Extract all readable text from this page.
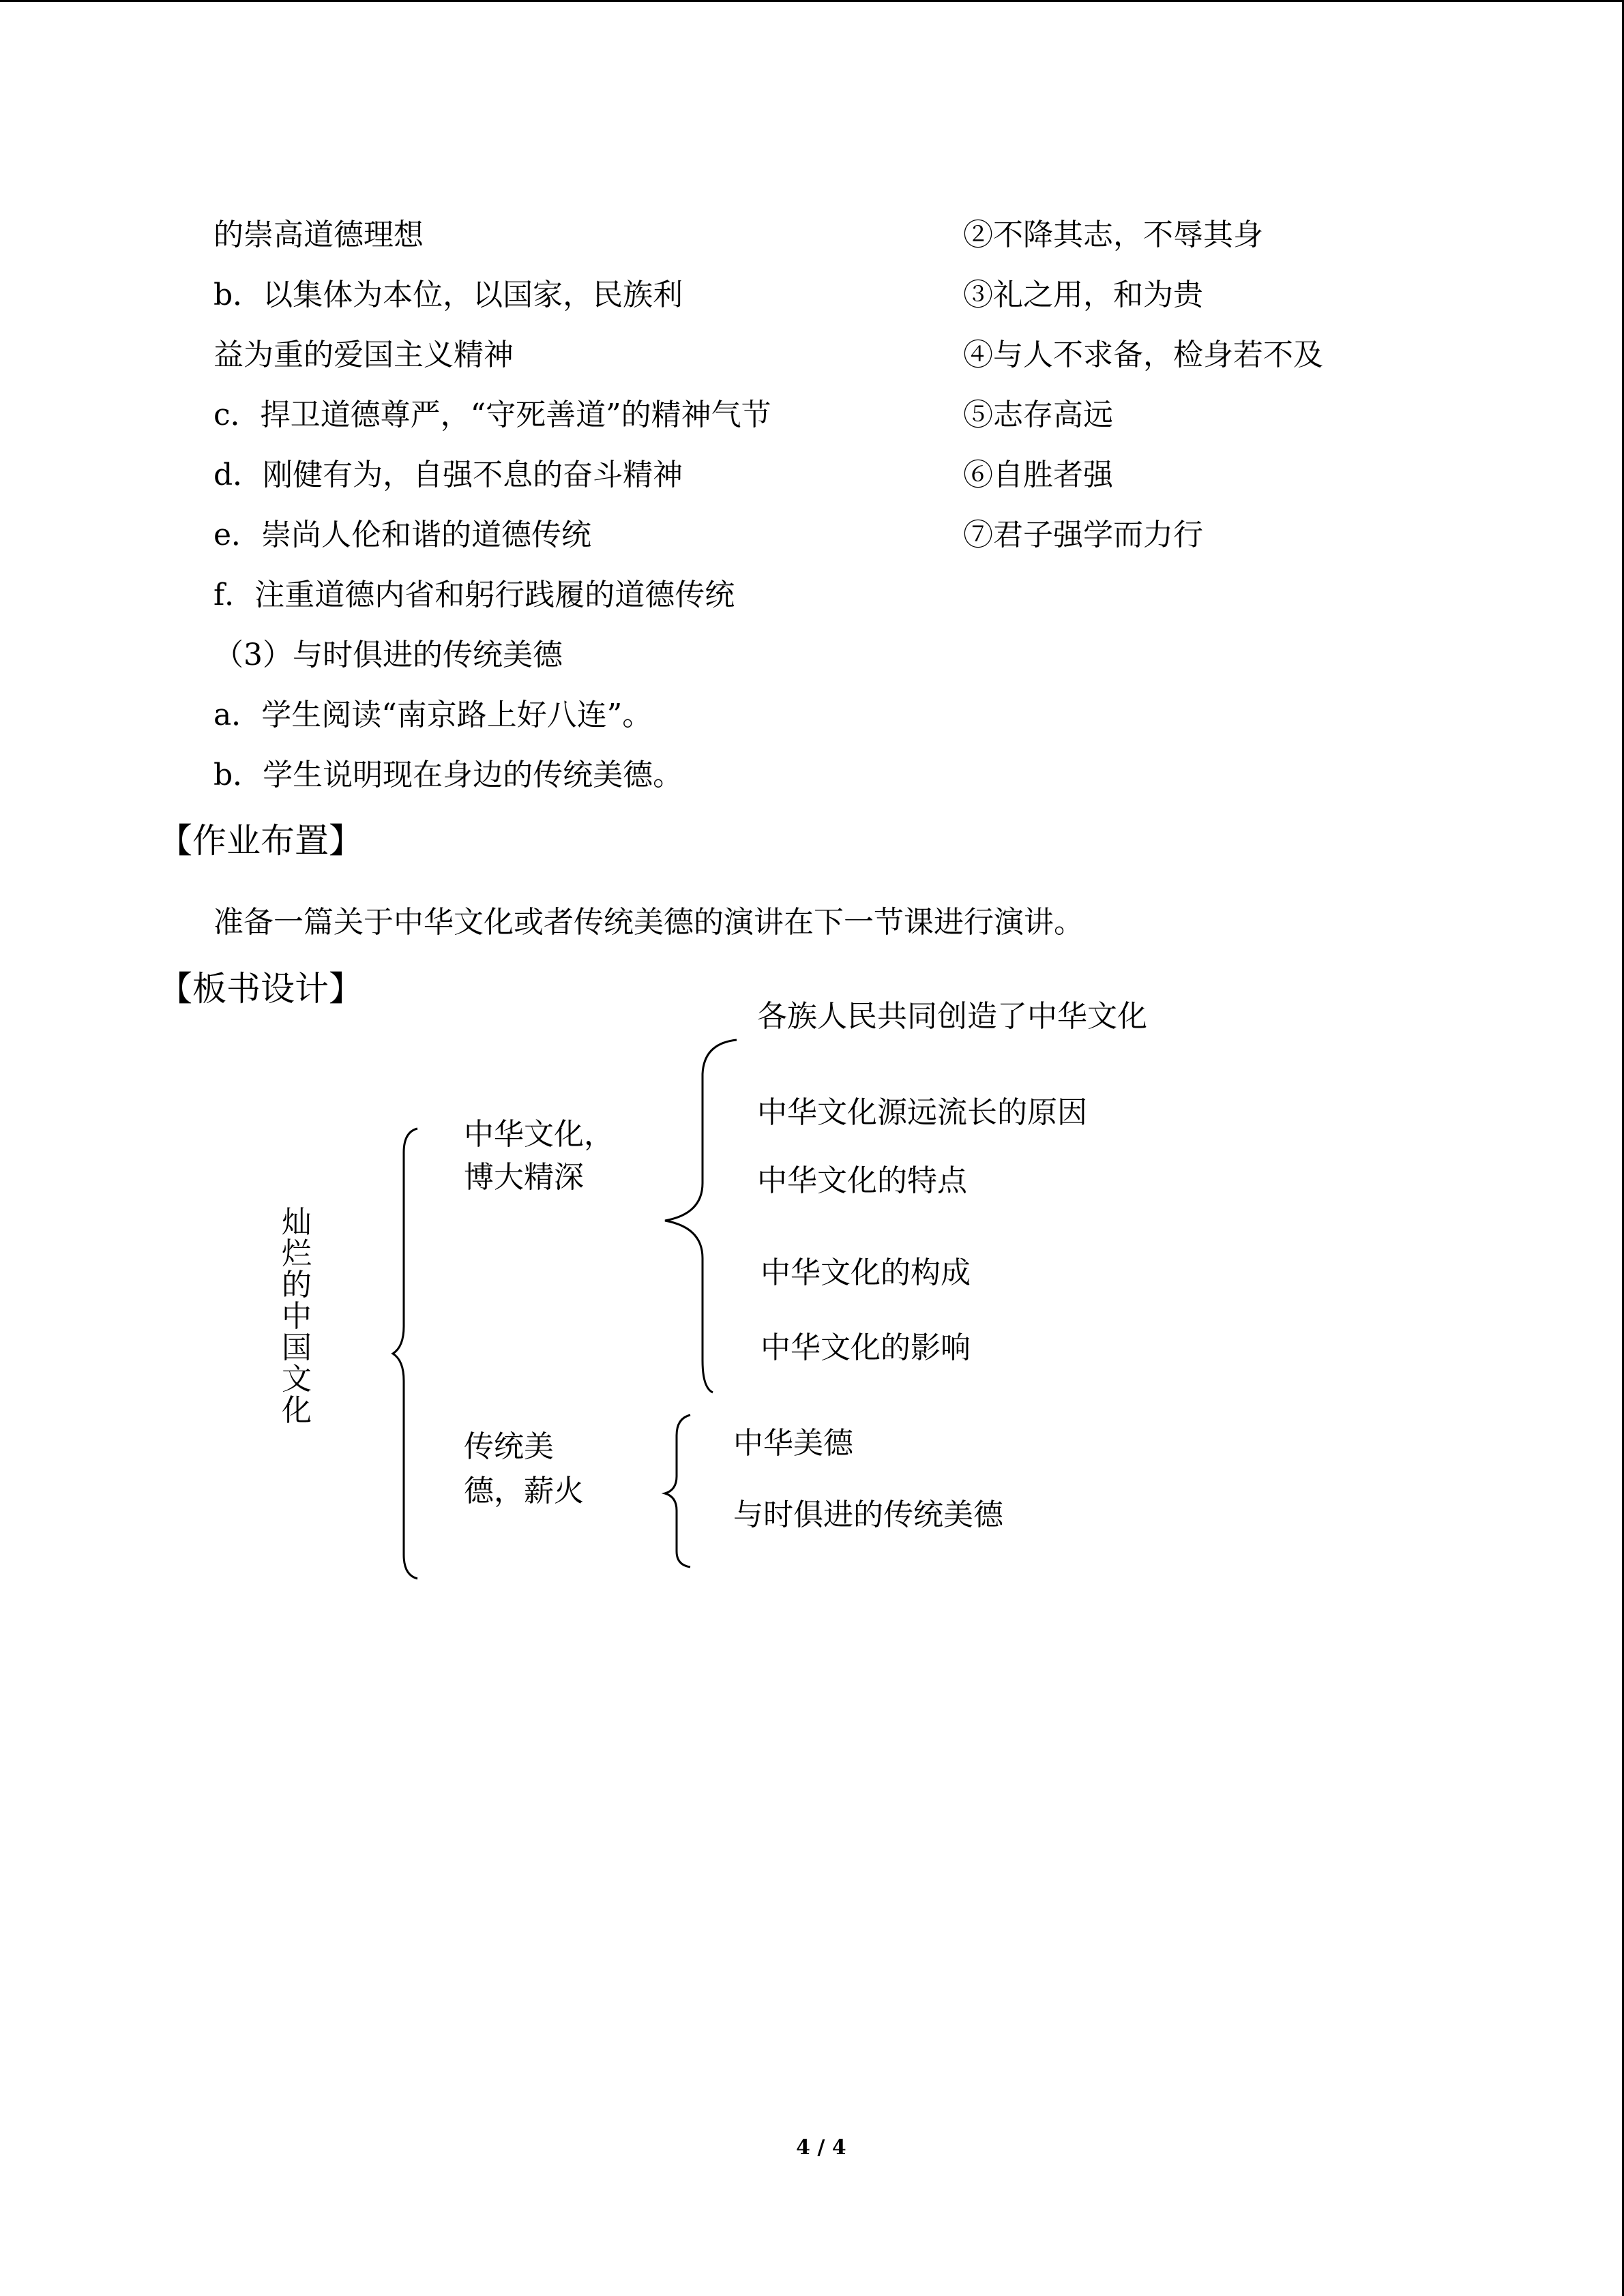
的崇高道德理想
b．以集体为本位，以国家，民族利
益为重的爱国主义精神
c．捍卫道德尊严，“守死善道”的精神气节
d．刚健有为，自强不息的奋斗精神
e．崇尚人伦和谐的道德传统
f．注重道德内省和躬行践履的道德传统
（3）与时俱进的传统美德
a．学生阅读“南京路上好八连”。
b．学生说明现在身边的传统美德。
②不降其志，不辱其身
③礼之用，和为贵
④与人不求备，检身若不及
⑤志存高远
⑥自胜者强
⑦君子强学而力行
【作业布置】
准备一篇关于中华文化或者传统美德的演讲在下一节课进行演讲。
【板书设计】
灿烂的中国文化
中华文化，
博大精深
各族人民共同创造了中华文化
中华文化源远流长的原因
中华文化的特点
中华文化的构成
中华文化的影响
传统美
德，薪火
中华美德
与时俱进的传统美德
4 / 4
